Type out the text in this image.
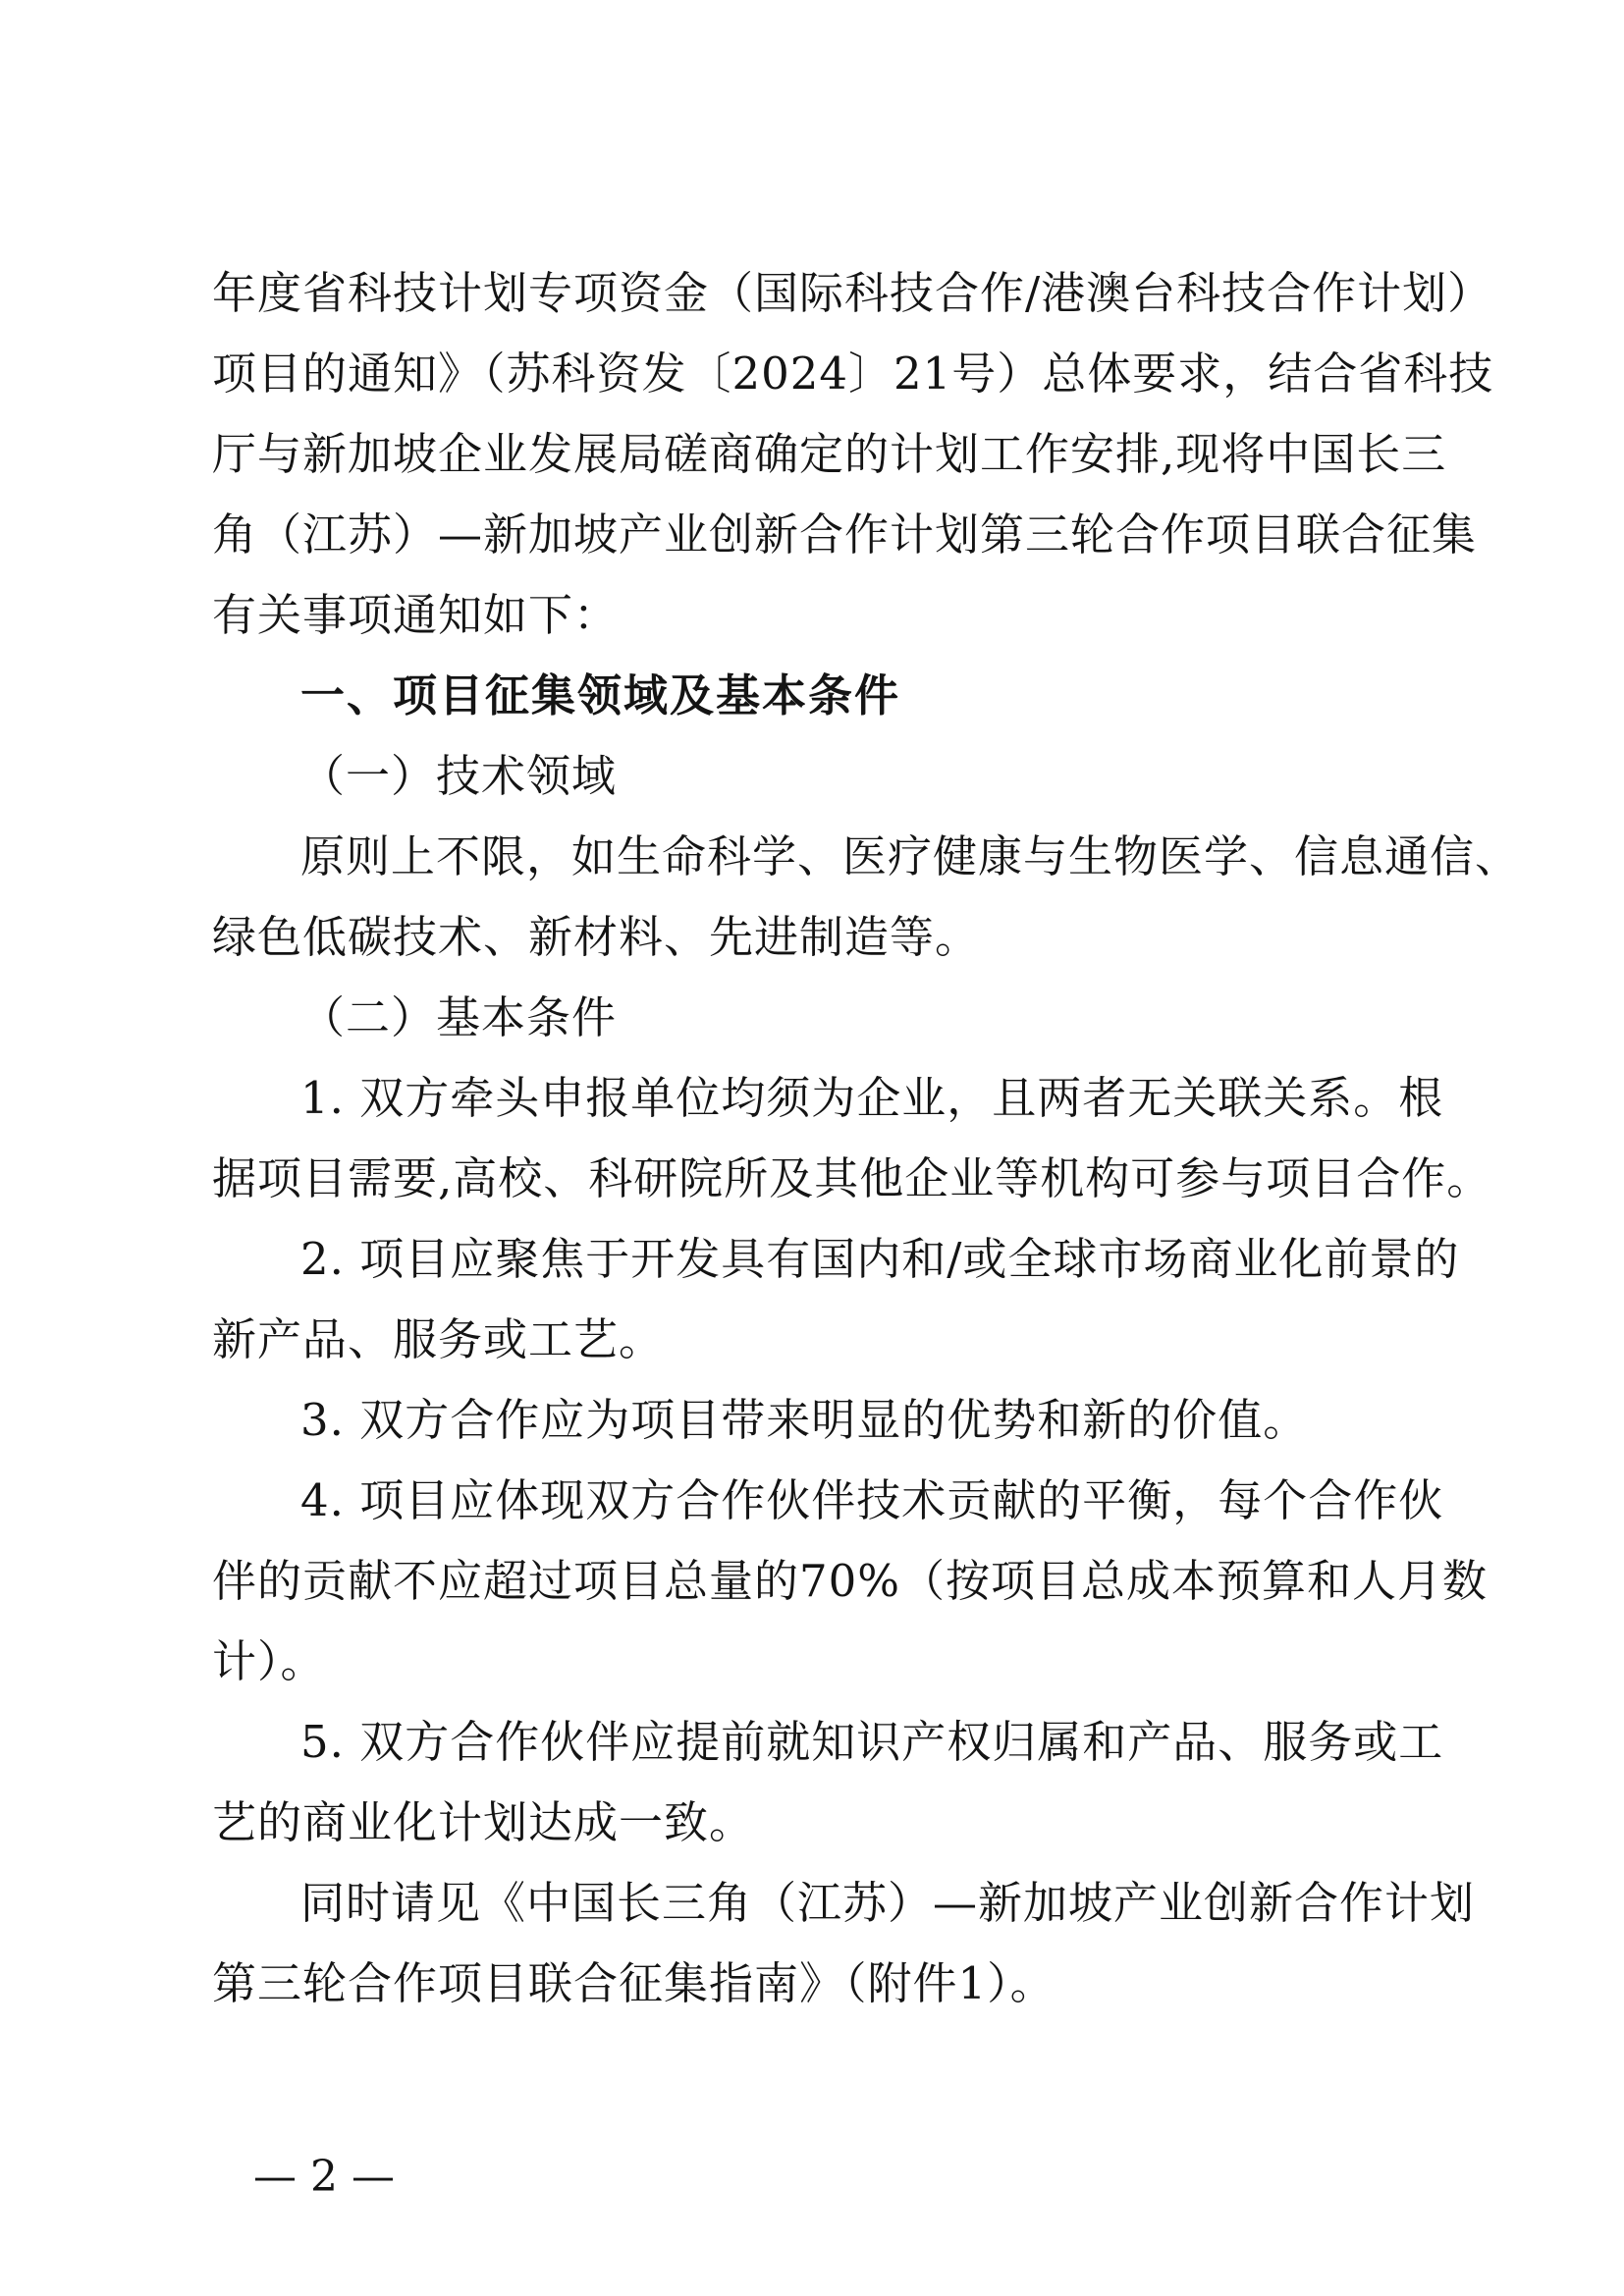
年度省科技计划专项资金（国际科技合作/港澳台科技合作计划）
项目的通知》（苏科资发〔2024〕21号）总体要求，结合省科技
厅与新加坡企业发展局磋商确定的计划工作安排,现将中国长三
角（江苏）—新加坡产业创新合作计划第三轮合作项目联合征集
有关事项通知如下：
一、项目征集领域及基本条件
（一）技术领域
原则上不限，如生命科学、医疗健康与生物医学、信息通信、
绿色低碳技术、新材料、先进制造等。
（二）基本条件
1. 双方牵头申报单位均须为企业，且两者无关联关系。根
据项目需要,高校、科研院所及其他企业等机构可参与项目合作。
2. 项目应聚焦于开发具有国内和/或全球市场商业化前景的
新产品、服务或工艺。
3. 双方合作应为项目带来明显的优势和新的价值。
4. 项目应体现双方合作伙伴技术贡献的平衡，每个合作伙
伴的贡献不应超过项目总量的70%（按项目总成本预算和人月数
计）。
5. 双方合作伙伴应提前就知识产权归属和产品、服务或工
艺的商业化计划达成一致。
同时请见《中国长三角（江苏）—新加坡产业创新合作计划
第三轮合作项目联合征集指南》（附件1）。
— 2 —
